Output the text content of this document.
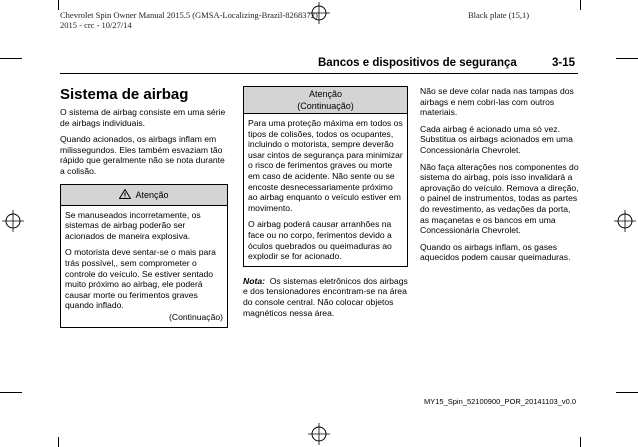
Chevrolet Spin Owner Manual 2015.5 (GMSA-Localizing-Brazil-8268372)
2015 - crc - 10/27/14
Black plate (15,1)
Bancos e dispositivos de segurança	3-15
Sistema de airbag

O sistema de airbag consiste em uma série de airbags individuais.

Quando acionados, os airbags inflam em milissegundos. Eles também esvaziam tão rápido que geralmente não se nota durante a colisão.

Atenção

Se manuseados incorretamente, os sistemas de airbag poderão ser acionados de maneira explosiva.

O motorista deve sentar-se o mais para trás possível,, sem comprometer o controle do veículo. Se estiver sentado muito próximo ao airbag, ele poderá causar morte ou ferimentos graves quando inflado.

(Continuação)
Atenção
(Continuação)

Para uma proteção máxima em todos os tipos de colisões, todos os ocupantes, incluindo o motorista, sempre deverão usar cintos de segurança para minimizar o risco de ferimentos graves ou morte em caso de acidente. Não sente ou se encoste desnecessariamente próximo ao airbag enquanto o veículo estiver em movimento.

O airbag poderá causar arranhões na face ou no corpo, ferimentos devido a óculos quebrados ou queimaduras ao explodir se for acionado.

Nota: Os sistemas eletrônicos dos airbags e dos tensionadores encontram-se na área do console central. Não colocar objetos magnéticos nessa área.

Não se deve colar nada nas tampas dos airbags e nem cobri-las com outros materiais.

Cada airbag é acionado uma só vez. Substitua os airbags acionados em uma Concessionária Chevrolet.

Não faça alterações nos componentes do sistema do airbag, pois isso invalidará a aprovação do veículo. Remova a direção, o painel de instrumentos, todas as partes do revestimento, as vedações da porta, as maçanetas e os bancos em uma Concessionária Chevrolet.

Quando os airbags inflam, os gases aquecidos podem causar queimaduras.

MY15_Spin_52100900_POR_20141103_v0.0
